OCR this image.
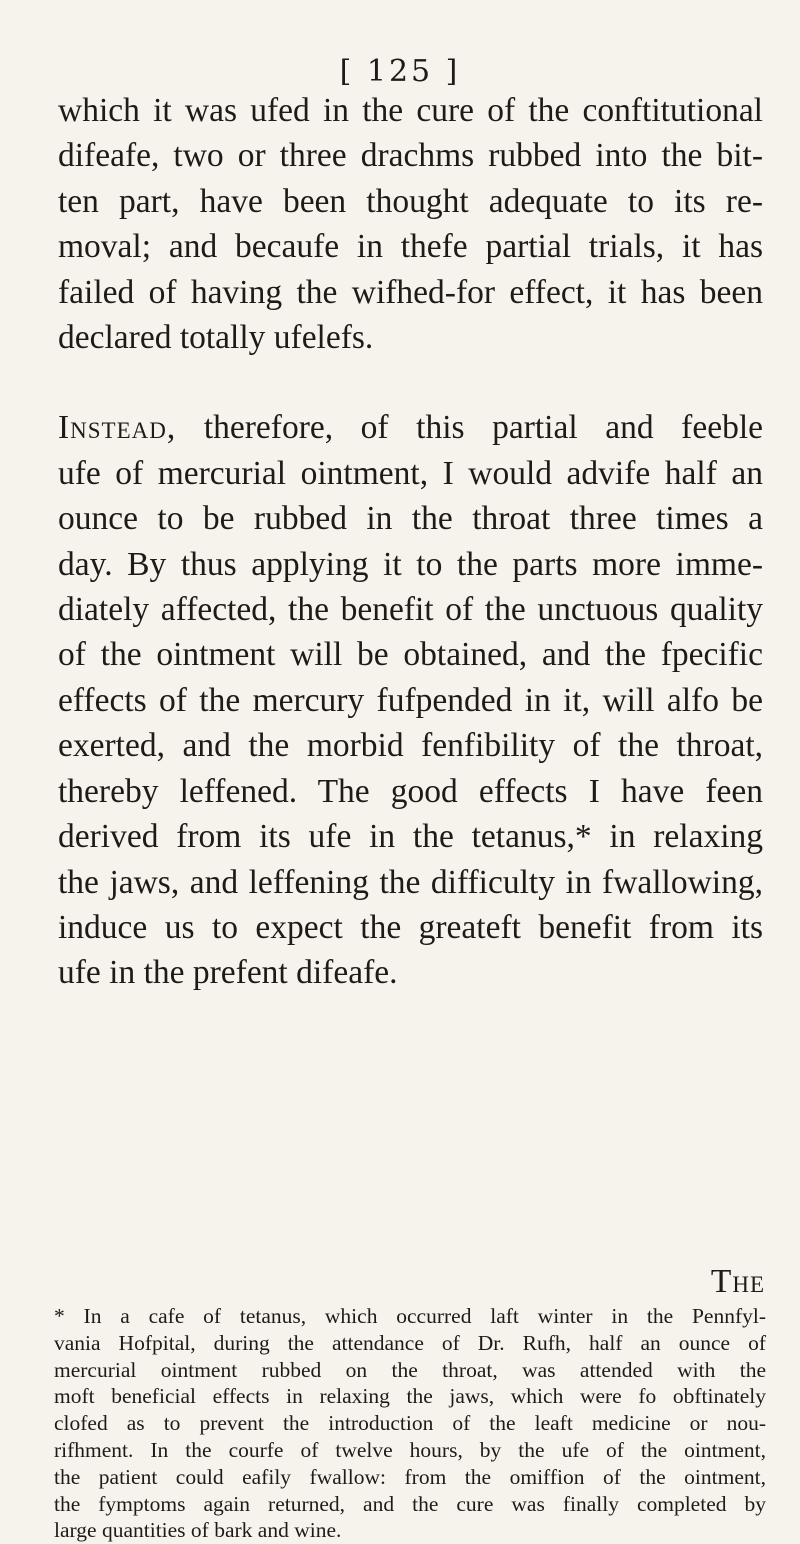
[ 125 ]
which it was ufed in the cure of the conftitutional
difeafe, two or three drachms rubbed into the bit-
ten part, have been thought adequate to its re-
moval; and becaufe in thefe partial trials, it has
failed of having the wifhed-for effect, it has been
declared totally ufelefs.
Instead, therefore, of this partial and feeble
ufe of mercurial ointment, I would advife half an
ounce to be rubbed in the throat three times a
day. By thus applying it to the parts more imme-
diately affected, the benefit of the unctuous quality
of the ointment will be obtained, and the fpecific
effects of the mercury fufpended in it, will alfo be
exerted, and the morbid fenfibility of the throat,
thereby leffened. The good effects I have feen
derived from its ufe in the tetanus,* in relaxing
the jaws, and leffening the difficulty in fwallowing,
induce us to expect the greateft benefit from its
ufe in the prefent difeafe.
The
* In a cafe of tetanus, which occurred laft winter in the Pennfyl-
vania Hofpital, during the attendance of Dr. Rufh, half an ounce of
mercurial ointment rubbed on the throat, was attended with the
moft beneficial effects in relaxing the jaws, which were fo obftinately
clofed as to prevent the introduction of the leaft medicine or nou-
rifhment. In the courfe of twelve hours, by the ufe of the ointment,
the patient could eafily fwallow: from the omiffion of the ointment,
the fymptoms again returned, and the cure was finally completed by
large quantities of bark and wine.
